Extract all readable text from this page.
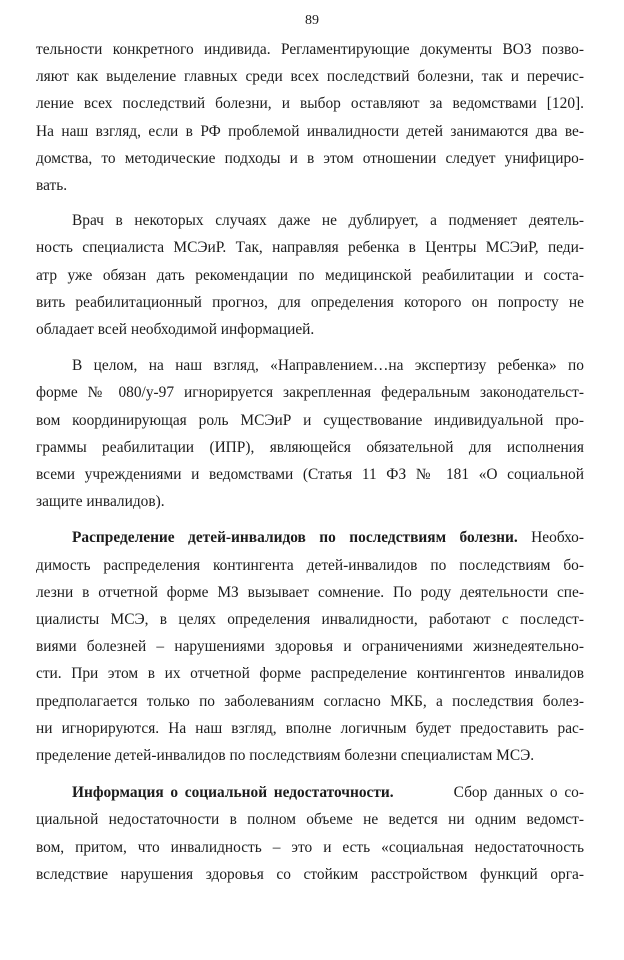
89

тельности конкретного индивида. Регламентирующие документы ВОЗ позво-

ляют как выделение главных среди всех последствий болезни, так и перечис-

ление всех последствий болезни, и выбор оставляют за ведомствами [120].

На наш взгляд, если в РФ проблемой инвалидности детей занимаются два ве-

домства, то методические подходы и в этом отношении следует унифициро-

вать.

Врач в некоторых случаях даже не дублирует, а подменяет деятель-

ность специалиста МСЭиР. Так, направляя ребенка в Центры МСЭиР, педи-

атр уже обязан дать рекомендации по медицинской реабилитации и соста-

вить реабилитационный прогноз, для определения которого он попросту не

обладает всей необходимой информацией.

В целом, на наш взгляд, «Направлением…на экспертизу ребенка» по

форме № 080/у-97 игнорируется закрепленная федеральным законодательст-

вом координирующая роль МСЭиР и существование индивидуальной про-

граммы реабилитации (ИПР), являющейся обязательной для исполнения

всеми учреждениями и ведомствами (Статья 11 ФЗ № 181 «О социальной

защите инвалидов).

Распределение детей-инвалидов по последствиям болезни. Необхо-

димость распределения контингента детей-инвалидов по последствиям бо-

лезни в отчетной форме МЗ вызывает сомнение. По роду деятельности спе-

циалисты МСЭ, в целях определения инвалидности, работают с последст-

виями болезней – нарушениями здоровья и ограничениями жизнедеятельно-

сти. При этом в их отчетной форме распределение контингентов инвалидов

предполагается только по заболеваниям согласно МКБ, а последствия болез-

ни игнорируются. На наш взгляд, вполне логичным будет предоставить рас-

пределение детей-инвалидов по последствиям болезни специалистам МСЭ.

Информация о социальной недостаточности.	Сбор данных о со-

циальной недостаточности в полном объеме не ведется ни одним ведомст-

вом, притом, что инвалидность – это и есть «социальная недостаточность

вследствие нарушения здоровья со стойким расстройством функций орга-
